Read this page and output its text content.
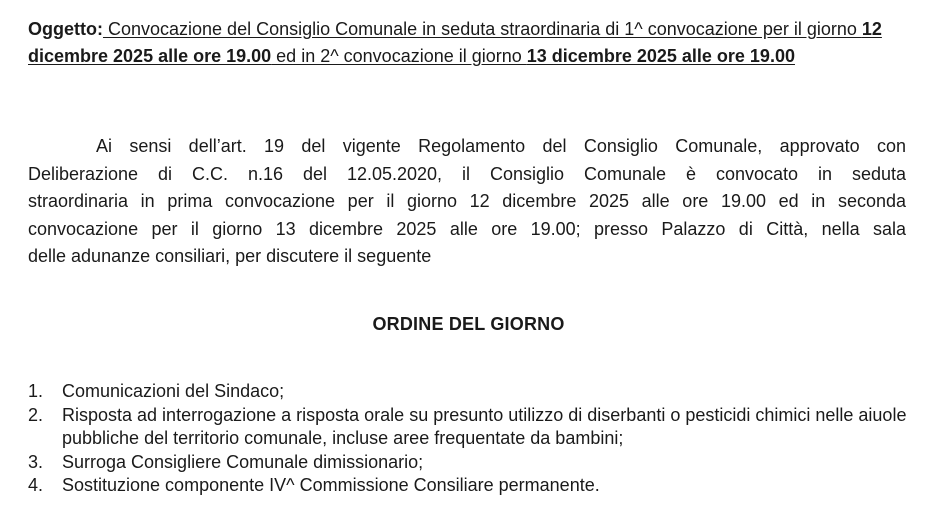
Oggetto: Convocazione del Consiglio Comunale in seduta straordinaria di 1^ convocazione per il giorno 12 dicembre 2025 alle ore 19.00 ed in 2^ convocazione il giorno 13 dicembre 2025 alle ore 19.00
Ai sensi dell’art. 19 del vigente Regolamento del Consiglio Comunale, approvato con
Deliberazione di C.C. n.16 del 12.05.2020, il Consiglio Comunale è convocato in seduta
straordinaria in prima convocazione per il giorno 12 dicembre 2025 alle ore 19.00 ed in seconda
convocazione per il giorno 13 dicembre 2025 alle ore 19.00; presso Palazzo di Città, nella sala
delle adunanze consiliari, per discutere il seguente
ORDINE DEL GIORNO
1. Comunicazioni del Sindaco;
2. Risposta ad interrogazione a risposta orale su presunto utilizzo di diserbanti o pesticidi chimici nelle aiuole pubbliche del territorio comunale, incluse aree frequentate da bambini;
3. Surroga Consigliere Comunale dimissionario;
4. Sostituzione componente IV^ Commissione Consiliare permanente.
